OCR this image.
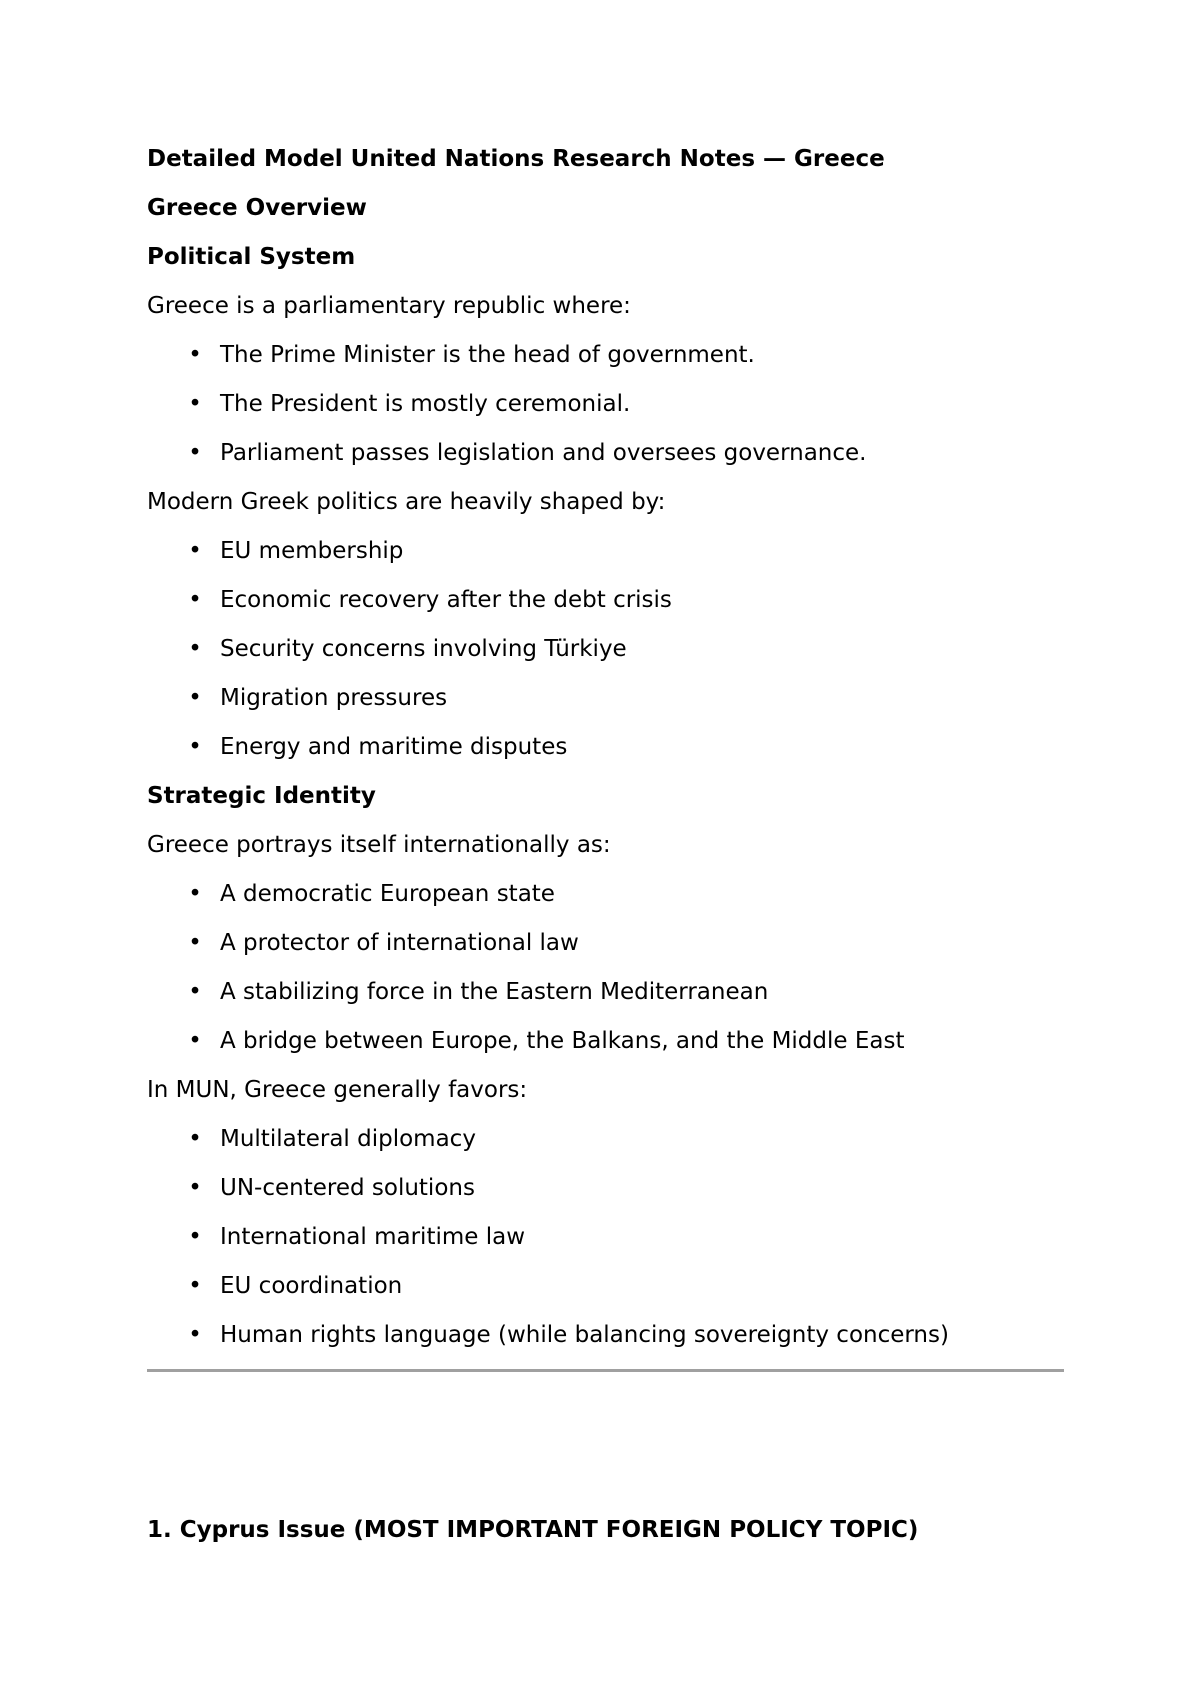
Detailed Model United Nations Research Notes — Greece
Greece Overview
Political System
Greece is a parliamentary republic where:
• The Prime Minister is the head of government.
• The President is mostly ceremonial.
• Parliament passes legislation and oversees governance.
Modern Greek politics are heavily shaped by:
• EU membership
• Economic recovery after the debt crisis
• Security concerns involving Türkiye
• Migration pressures
• Energy and maritime disputes
Strategic Identity
Greece portrays itself internationally as:
• A democratic European state
• A protector of international law
• A stabilizing force in the Eastern Mediterranean
• A bridge between Europe, the Balkans, and the Middle East
In MUN, Greece generally favors:
• Multilateral diplomacy
• UN-centered solutions
• International maritime law
• EU coordination
• Human rights language (while balancing sovereignty concerns)
1. Cyprus Issue (MOST IMPORTANT FOREIGN POLICY TOPIC)
